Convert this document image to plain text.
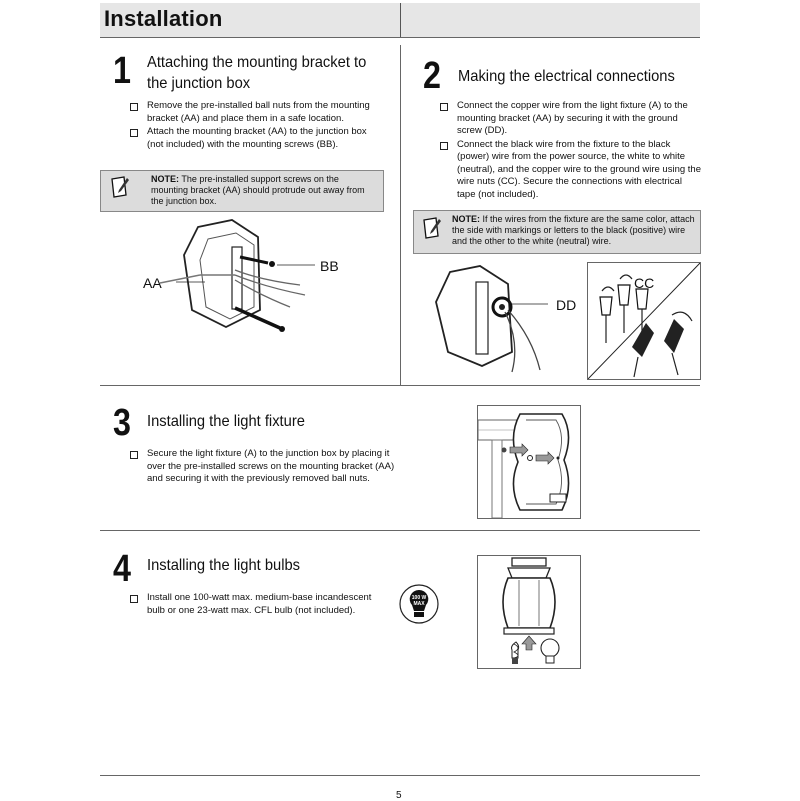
Installation
1 Attaching the mounting bracket to
the junction box
Remove the pre-installed ball nuts from the mounting bracket (AA) and place them in a safe location.
Attach the mounting bracket (AA) to the junction box (not included) with the mounting screws (BB).
NOTE: The pre-installed support screws on the mounting bracket (AA) should protrude out away from the junction box.
AA
BB
2 Making the electrical connections
Connect the copper wire from the light fixture (A) to the mounting bracket (AA) by securing it with the ground screw (DD).
Connect the black wire from the fixture to the black (power) wire from the power source, the white to white (neutral), and the copper wire to the ground wire using the wire nuts (CC). Secure the connections with electrical tape (not included).
NOTE: If the wires from the fixture are the same color, attach the side with markings or letters to the black (positive) wire and the other to the white (neutral) wire.
DD
CC
3 Installing the light fixture
Secure the light fixture (A) to the junction box by placing it over the pre-installed screws on the mounting bracket (AA) and securing it with the previously removed ball nuts.
4 Installing the light bulbs
Install one 100-watt max. medium-base incandescent bulb or one 23-watt max. CFL bulb (not included).
100 W
MAX
5
